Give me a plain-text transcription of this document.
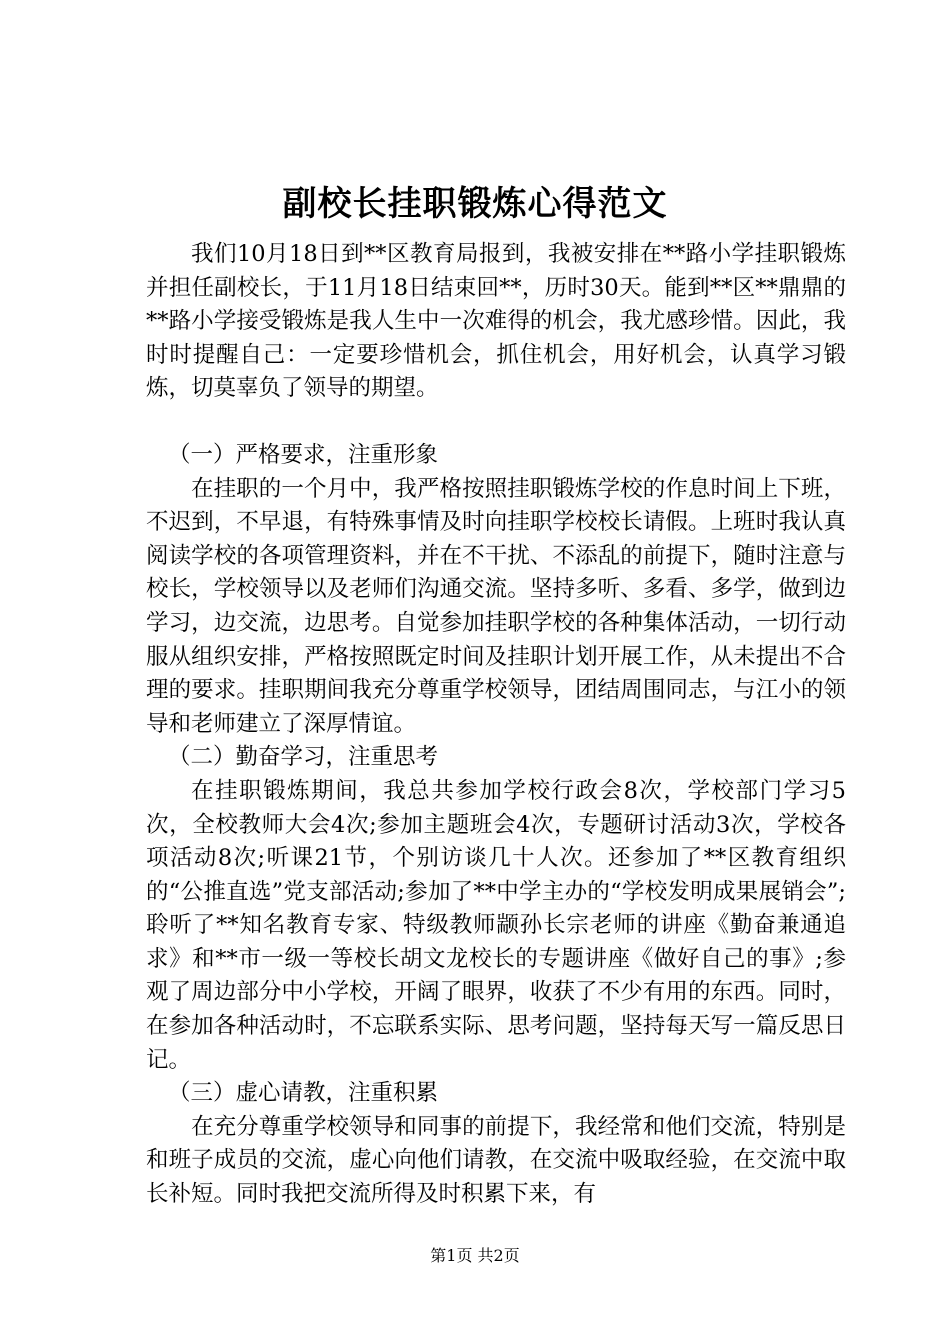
副校长挂职锻炼心得范文

我们10月18日到**区教育局报到，我被安排在**路小学挂职锻炼并担任副校长，于11月18日结束回**，历时30天。能到**区**鼎鼎的**路小学接受锻炼是我人生中一次难得的机会，我尤感珍惜。因此，我时时提醒自己：一定要珍惜机会，抓住机会，用好机会，认真学习锻炼，切莫辜负了领导的期望。

（一）严格要求，注重形象

在挂职的一个月中，我严格按照挂职锻炼学校的作息时间上下班，不迟到，不早退，有特殊事情及时向挂职学校校长请假。上班时我认真阅读学校的各项管理资料，并在不干扰、不添乱的前提下，随时注意与校长，学校领导以及老师们沟通交流。坚持多听、多看、多学，做到边学习，边交流，边思考。自觉参加挂职学校的各种集体活动，一切行动服从组织安排，严格按照既定时间及挂职计划开展工作，从未提出不合理的要求。挂职期间我充分尊重学校领导，团结周围同志，与江小的领导和老师建立了深厚情谊。

（二）勤奋学习，注重思考

在挂职锻炼期间，我总共参加学校行政会8次，学校部门学习5次，全校教师大会4次;参加主题班会4次，专题研讨活动3次，学校各项活动8次;听课21节，个别访谈几十人次。还参加了**区教育组织的“公推直选”党支部活动;参加了**中学主办的“学校发明成果展销会”;聆听了**知名教育专家、特级教师颛孙长宗老师的讲座《勤奋兼通追求》和**市一级一等校长胡文龙校长的专题讲座《做好自己的事》;参观了周边部分中小学校，开阔了眼界，收获了不少有用的东西。同时，在参加各种活动时，不忘联系实际、思考问题，坚持每天写一篇反思日记。

（三）虚心请教，注重积累

在充分尊重学校领导和同事的前提下，我经常和他们交流，特别是和班子成员的交流，虚心向他们请教，在交流中吸取经验，在交流中取长补短。同时我把交流所得及时积累下来，有

第1页 共2页
